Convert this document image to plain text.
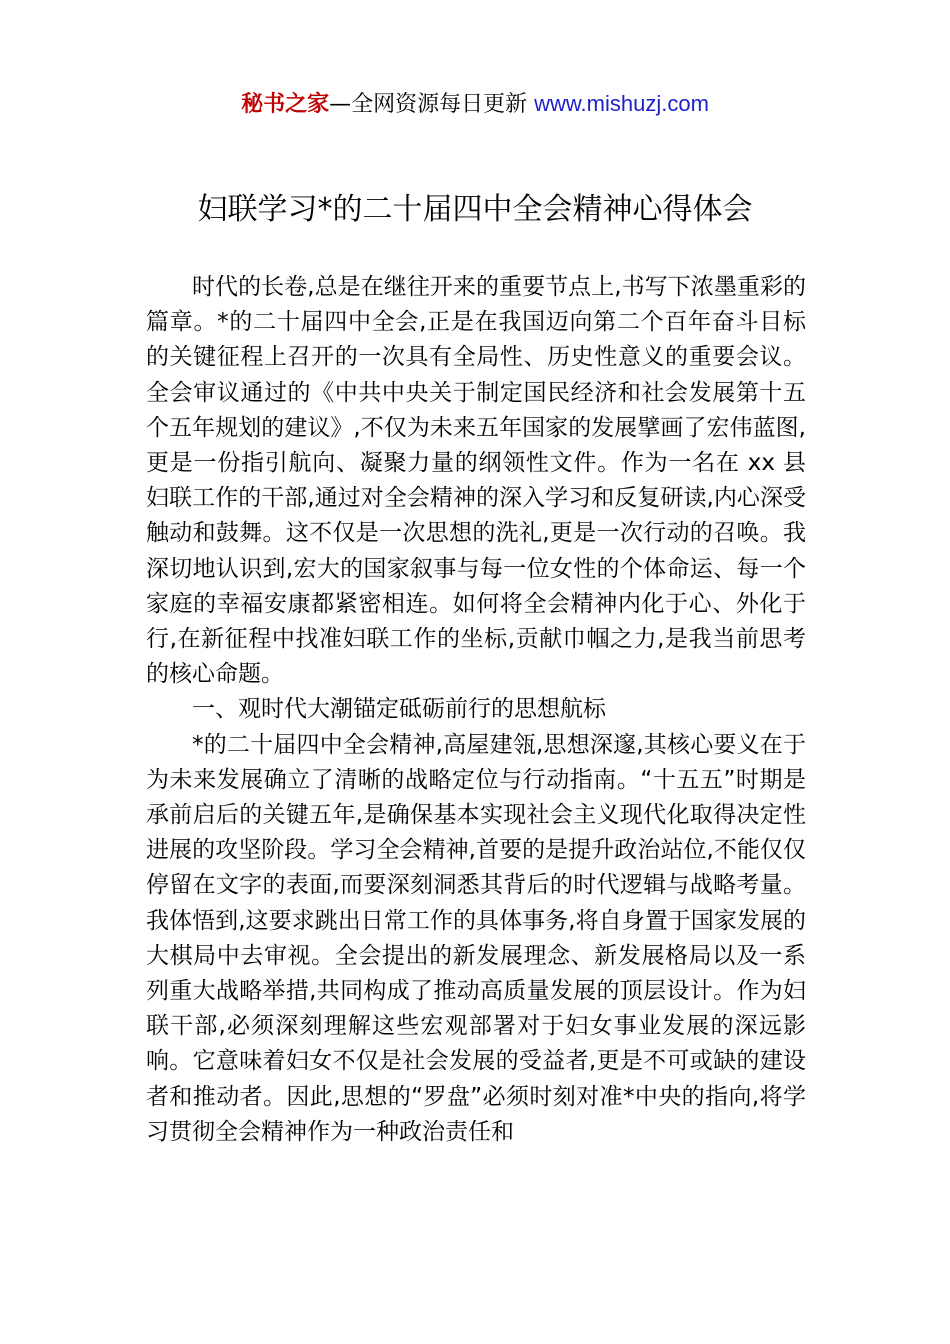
秘书之家—全网资源每日更新 www.mishuzj.com
妇联学习*的二十届四中全会精神心得体会

时代的长卷,总是在继往开来的重要节点上,书写下浓墨重彩的篇章。*的二十届四中全会,正是在我国迈向第二个百年奋斗目标的关键征程上召开的一次具有全局性、历史性意义的重要会议。全会审议通过的《中共中央关于制定国民经济和社会发展第十五个五年规划的建议》,不仅为未来五年国家的发展擘画了宏伟蓝图,更是一份指引航向、凝聚力量的纲领性文件。作为一名在 xx 县妇联工作的干部,通过对全会精神的深入学习和反复研读,内心深受触动和鼓舞。这不仅是一次思想的洗礼,更是一次行动的召唤。我深切地认识到,宏大的国家叙事与每一位女性的个体命运、每一个家庭的幸福安康都紧密相连。如何将全会精神内化于心、外化于行,在新征程中找准妇联工作的坐标,贡献巾帼之力,是我当前思考的核心命题。

一、观时代大潮锚定砥砺前行的思想航标

*的二十届四中全会精神,高屋建瓴,思想深邃,其核心要义在于为未来发展确立了清晰的战略定位与行动指南。“十五五”时期是承前启后的关键五年,是确保基本实现社会主义现代化取得决定性进展的攻坚阶段。学习全会精神,首要的是提升政治站位,不能仅仅停留在文字的表面,而要深刻洞悉其背后的时代逻辑与战略考量。我体悟到,这要求跳出日常工作的具体事务,将自身置于国家发展的大棋局中去审视。全会提出的新发展理念、新发展格局以及一系列重大战略举措,共同构成了推动高质量发展的顶层设计。作为妇联干部,必须深刻理解这些宏观部署对于妇女事业发展的深远影响。它意味着妇女不仅是社会发展的受益者,更是不可或缺的建设者和推动者。因此,思想的“罗盘”必须时刻对准*中央的指向,将学习贯彻全会精神作为一种政治责任和
